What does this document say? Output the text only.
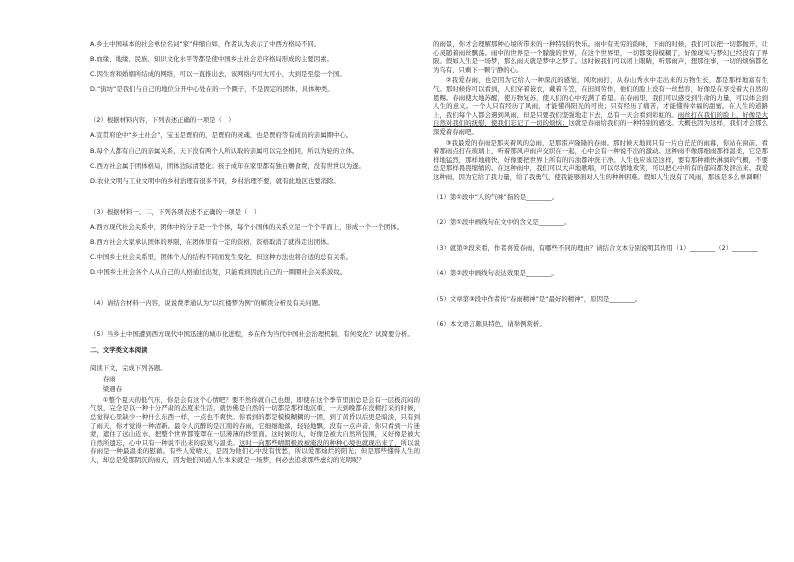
A.乡土中国基本的社会单位名词“家”伸缩自如，作者认为表示了中西方格局不同。
B.血缘、地缘、民族、知识文化水平等都是使中国乡土社会差序格局形成的主要因素。
C.因生育和婚姻所结成的网络，可以一直推出去，该网络内可大可小，大到是至偿一个国。
D.“街坊”是我们与自己的地位分开中心处在的一个圈子，不是固定的团体，具体种类。
（2）根据材料内容，下列表述正确的一项是（　）
A.宣贯府论中“乡土社会”，宝玉是贾府的，是贾府的灵魂，也是贾府等有成员的亲属圈中心。
B.每个人都有自己的亲属关系，天下没有两个人所认取的亲属可以完全相同，所以为轮的立体。
C.西方社会属于团体格局，团体边际清楚化；孩子成年在家里都有独自赡食费，没有世世以为逐。
D.农业文明与工业文明中的乡村治理有很多不同，乡村治理不要，就有此地区也要消除。
（3）根据材料一、二，下列各项表述不正确的一项是（　）
A.西方现代社会关系中，团体中的分子是一个个体，每个小国体的关系立足一个个平面上，形成一个一个团体。
B.西方社会大家承认团体的界限，在团体里有一定的资格，资格取消了就得走出团体。
C.中国乡土社会关系里，团体个人的结构不同而发生变化，但这种方法也将合适的总有关系。
D.中国乡土社会各个人从自己的人格通过出发，只能看到因此自己的一圈圈社会关系波纹。
（4）请结合材料一内容，说说费孝通认为“以红楼梦为例”的解读分析及有关问题。
（5）当乡土中国遭到西方现代中国迅速的城市化进程，乡在作为当代中国社会治理机制，有何变化？试简要分析。
二、文学类文本阅读
阅读下文，完成下列各题。
春雨
梁遇春
①整个夏天的低气压，你是会有这个心情吧？要不然你就自己也想，即使在这个季节里面总是会有一层极沉闷的气氛，完全是以一种十分严肃的态度来生活，就仿佛是自然的一切都是那样地沉重，一天到晚都在没精打采的时候，总觉得心里缺少一种什么东西一样，一点也不爽快。你看到的都是模模糊糊的一团，到了黄昏以后更是暗淡，只有到了雨天，你才觉得一种清新。最令人沉醉的是江南的春雨，它细细地落，轻轻地飘，没有一点声音，你只看到一片迷蒙，遮住了远山近水，把整个世界都笼罩在一层薄薄的纱里面。这时候的人，好像是被大自然所包围，又好像是被大自然所遗忘，心中只有一种说不出来的寂寞与温柔。这时一向那些晴朗极致被淹没的种种心境也就现出来了，所以说春雨是一种最温柔的慰藉。有些人爱晴天，是因为他们心中没有忧愁，所以爱那灿烂的阳光；但是那些懂得人生的人，却总是爱那阴沉的雨天，因为他们知道人生本来就是一场梦，何必去追求那些虚幻的光明呢？
的雨景，你才会理解那种心境所带来的一种特别的快乐。雨中有无穷的韵味，下雨的时候，我们可以把一切都抛开，让心灵随着雨丝飘荡。雨中的世界是一个朦胧的世界，在这个世界里，一切都变得模糊了，好像现实与梦幻已经没有了界限。假如人生是一场梦，那么雨天就是梦中之梦了。这时候我们可以闭上眼睛，听那雨声，想那往事，一切的烦恼都化为乌有，只剩下一颗宁静的心。
②我爱春雨，也是因为它给人一种深沉的感觉，风吹雨打，从春山秀水中走出来的万物生长，都是那样地富有生气。那时候你可以看到，人们穿着蓑衣，戴着斗笠，在田间劳作，他们的脸上没有一丝愁容，好像是在享受着大自然的恩赐。春雨使大地苏醒，使万物复苏，使人们的心中充满了希望。在春雨里，我们可以感受到生命的力量，可以体会到人生的意义。一个人只有经历了风雨，才能懂得阳光的可贵；只有经历了痛苦，才能懂得幸福的甜蜜。在人生的道路上，我们每个人都会遇到风雨，但是只要我们坚强地走下去，总有一天会看到彩虹的。雨丝打在我们的脸上，好像是大自然对我们的抚慰，使我们忘记了一切的烦恼；这就是春雨给我们的一种特别的感受。大概也因为这样，我们才会那么深爱着春雨吧。
③我最爱的春雨是那夹着风的急雨，是那雷声隆隆的春雨。那时候天地间只有一片白茫茫的雨幕，你站在窗前，看着那雨点打在玻璃上，听着那风声雨声交织在一起，心中会有一种说不出的激动。这种雨不像那细雨那样温柔，它是那样地猛烈，那样地痛快，好像要把世界上所有的污浊都冲洗干净。人生也应该是这样，要有那种痛快淋漓的气概，不要总是那样畏畏缩缩的。在这种雨中，我们可以大声地歌唱，可以尽情地欢笑，可以把心中所有的郁闷都发泄出来。我爱这种雨，因为它给了我力量，给了我勇气，使我能够面对人生的种种困难。假如人生没有了风雨，那该是多么单调啊！
（1）第①段中“人的气味”指的是________。
（2）第①段中画线句在文中的含义是________。
（3）就第②段来看，作者喜爱春雨，有哪些不同的理由？请结合文本分别说明其作用（1）________（2）________
（4）第②段中画线句表达效果是________。
（5）文章第③段中作者传“春雨精神”是“最好的精神”，原因是________。
（6）本文语言颇具特色，请举例赏析。
